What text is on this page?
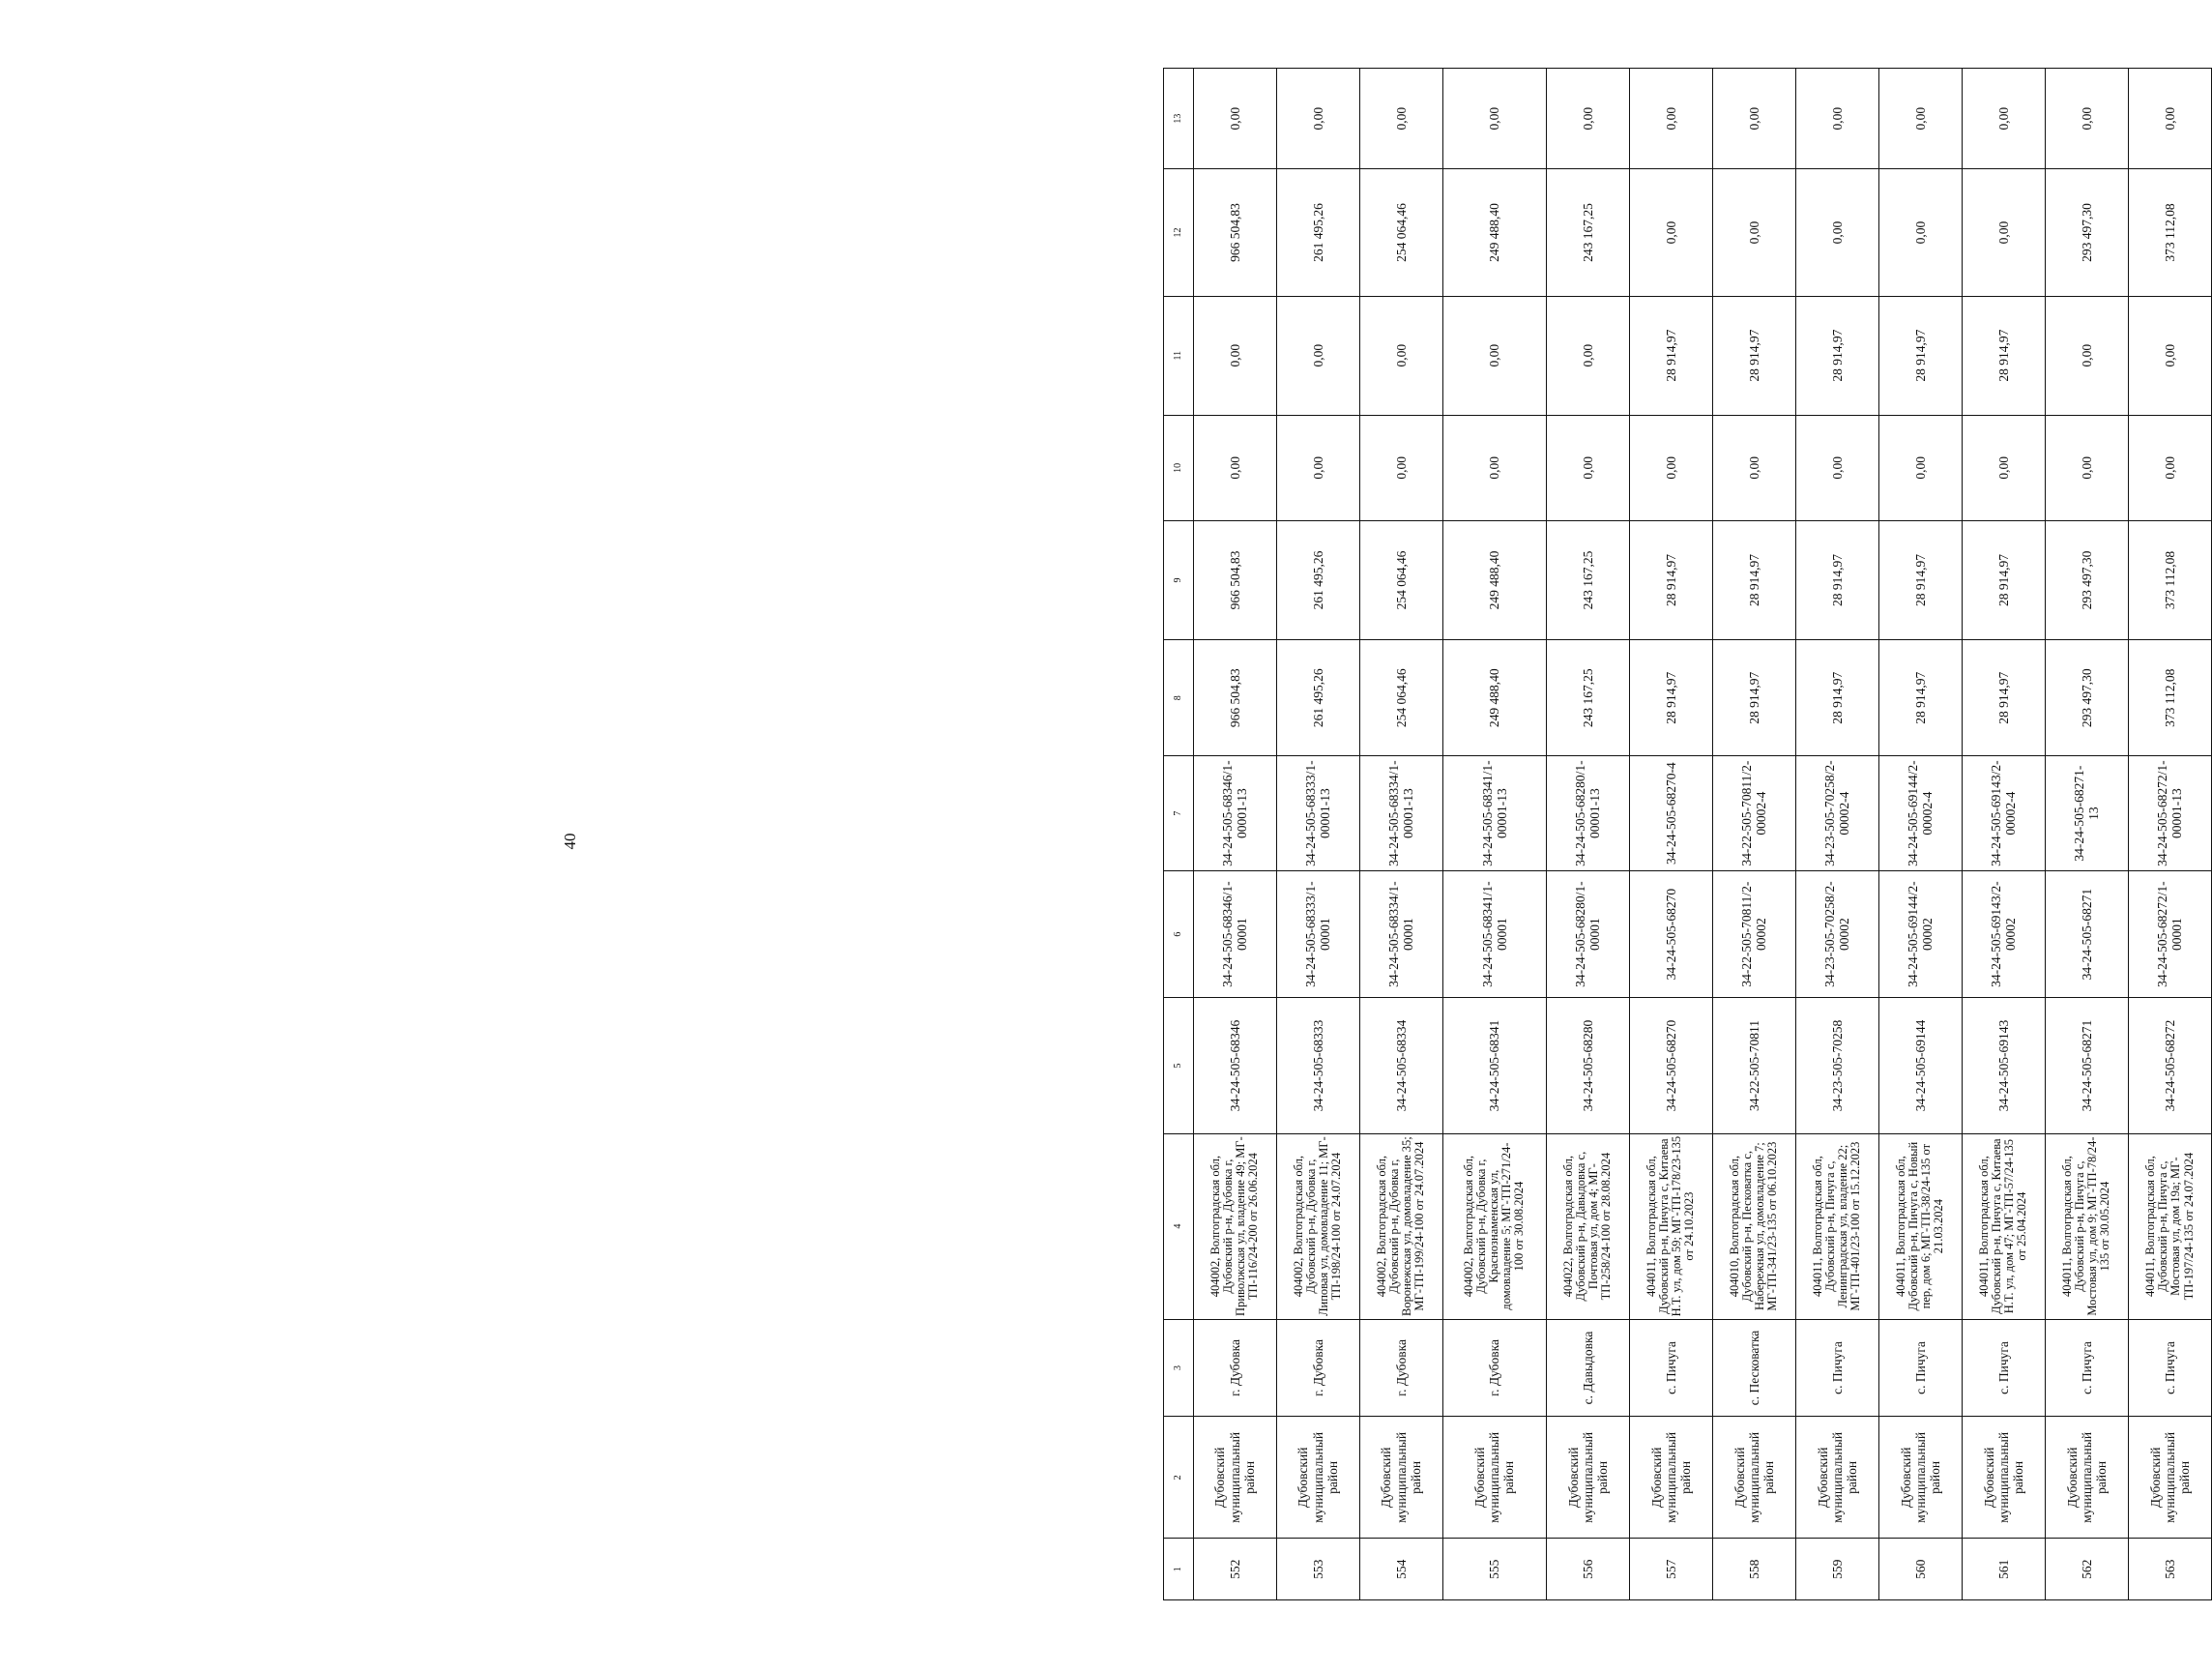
40
1	2	3	4	5	6	7	8	9	10	11	12	13
552	Дубовский муниципальный район	г. Дубовка	404002, Волгоградская обл, Дубовский р-н, Дубовка г, Приволжская ул, владение 49; МГ-ТП-116/24-200 от 26.06.2024	34-24-505-68346	34-24-505-68346/1-00001	34-24-505-68346/1-00001-13	966 504,83	966 504,83	0,00	0,00	966 504,83	0,00
553	Дубовский муниципальный район	г. Дубовка	404002, Волгоградская обл, Дубовский р-н, Дубовка г, Липовая ул, домовладение 11; МГ-ТП-198/24-100 от 24.07.2024	34-24-505-68333	34-24-505-68333/1-00001	34-24-505-68333/1-00001-13	261 495,26	261 495,26	0,00	0,00	261 495,26	0,00
554	Дубовский муниципальный район	г. Дубовка	404002, Волгоградская обл, Дубовский р-н, Дубовка г, Воронежская ул, домовладение 35; МГ-ТП-199/24-100 от 24.07.2024	34-24-505-68334	34-24-505-68334/1-00001	34-24-505-68334/1-00001-13	254 064,46	254 064,46	0,00	0,00	254 064,46	0,00
555	Дубовский муниципальный район	г. Дубовка	404002, Волгоградская обл, Дубовский р-н, Дубовка г, Краснознаменская ул, домовладение 5; МГ-ТП-271/24-100 от 30.08.2024	34-24-505-68341	34-24-505-68341/1-00001	34-24-505-68341/1-00001-13	249 488,40	249 488,40	0,00	0,00	249 488,40	0,00
556	Дубовский муниципальный район	с. Давыдовка	404022, Волгоградская обл, Дубовский р-н, Давыдовка с, Почтовая ул, дом 4; МГ-ТП-258/24-100 от 28.08.2024	34-24-505-68280	34-24-505-68280/1-00001	34-24-505-68280/1-00001-13	243 167,25	243 167,25	0,00	0,00	243 167,25	0,00
557	Дубовский муниципальный район	с. Пичуга	404011, Волгоградская обл, Дубовский р-н, Пичуга с, Китаева Н.Т. ул, дом 59; МГ-ТП-178/23-135 от 24.10.2023	34-24-505-68270	34-24-505-68270	34-24-505-68270-4	28 914,97	28 914,97	0,00	28 914,97	0,00	0,00
558	Дубовский муниципальный район	с. Песковатка	404010, Волгоградская обл, Дубовский р-н, Песковатка с, Набережная ул, домовладение 7; МГ-ТП-341/23-135 от 06.10.2023	34-22-505-70811	34-22-505-70811/2-00002	34-22-505-70811/2-00002-4	28 914,97	28 914,97	0,00	28 914,97	0,00	0,00
559	Дубовский муниципальный район	с. Пичуга	404011, Волгоградская обл, Дубовский р-н, Пичуга с, Ленинградская ул, владение 22; МГ-ТП-401/23-100 от 15.12.2023	34-23-505-70258	34-23-505-70258/2-00002	34-23-505-70258/2-00002-4	28 914,97	28 914,97	0,00	28 914,97	0,00	0,00
560	Дубовский муниципальный район	с. Пичуга	404011, Волгоградская обл, Дубовский р-н, Пичуга с, Новый пер, дом 6; МГ-ТП-38/24-135 от 21.03.2024	34-24-505-69144	34-24-505-69144/2-00002	34-24-505-69144/2-00002-4	28 914,97	28 914,97	0,00	28 914,97	0,00	0,00
561	Дубовский муниципальный район	с. Пичуга	404011, Волгоградская обл, Дубовский р-н, Пичуга с, Китаева Н.Т. ул, дом 47; МГ-ТП-57/24-135 от 25.04.2024	34-24-505-69143	34-24-505-69143/2-00002	34-24-505-69143/2-00002-4	28 914,97	28 914,97	0,00	28 914,97	0,00	0,00
562	Дубовский муниципальный район	с. Пичуга	404011, Волгоградская обл, Дубовский р-н, Пичуга с, Мостовая ул, дом 9; МГ-ТП-78/24-135 от 30.05.2024	34-24-505-68271	34-24-505-68271	34-24-505-68271-13	293 497,30	293 497,30	0,00	0,00	293 497,30	0,00
563	Дубовский муниципальный район	с. Пичуга	404011, Волгоградская обл, Дубовский р-н, Пичуга с, Мостовая ул, дом 19а; МГ-ТП-197/24-135 от 24.07.2024	34-24-505-68272	34-24-505-68272/1-00001	34-24-505-68272/1-00001-13	373 112,08	373 112,08	0,00	0,00	373 112,08	0,00
